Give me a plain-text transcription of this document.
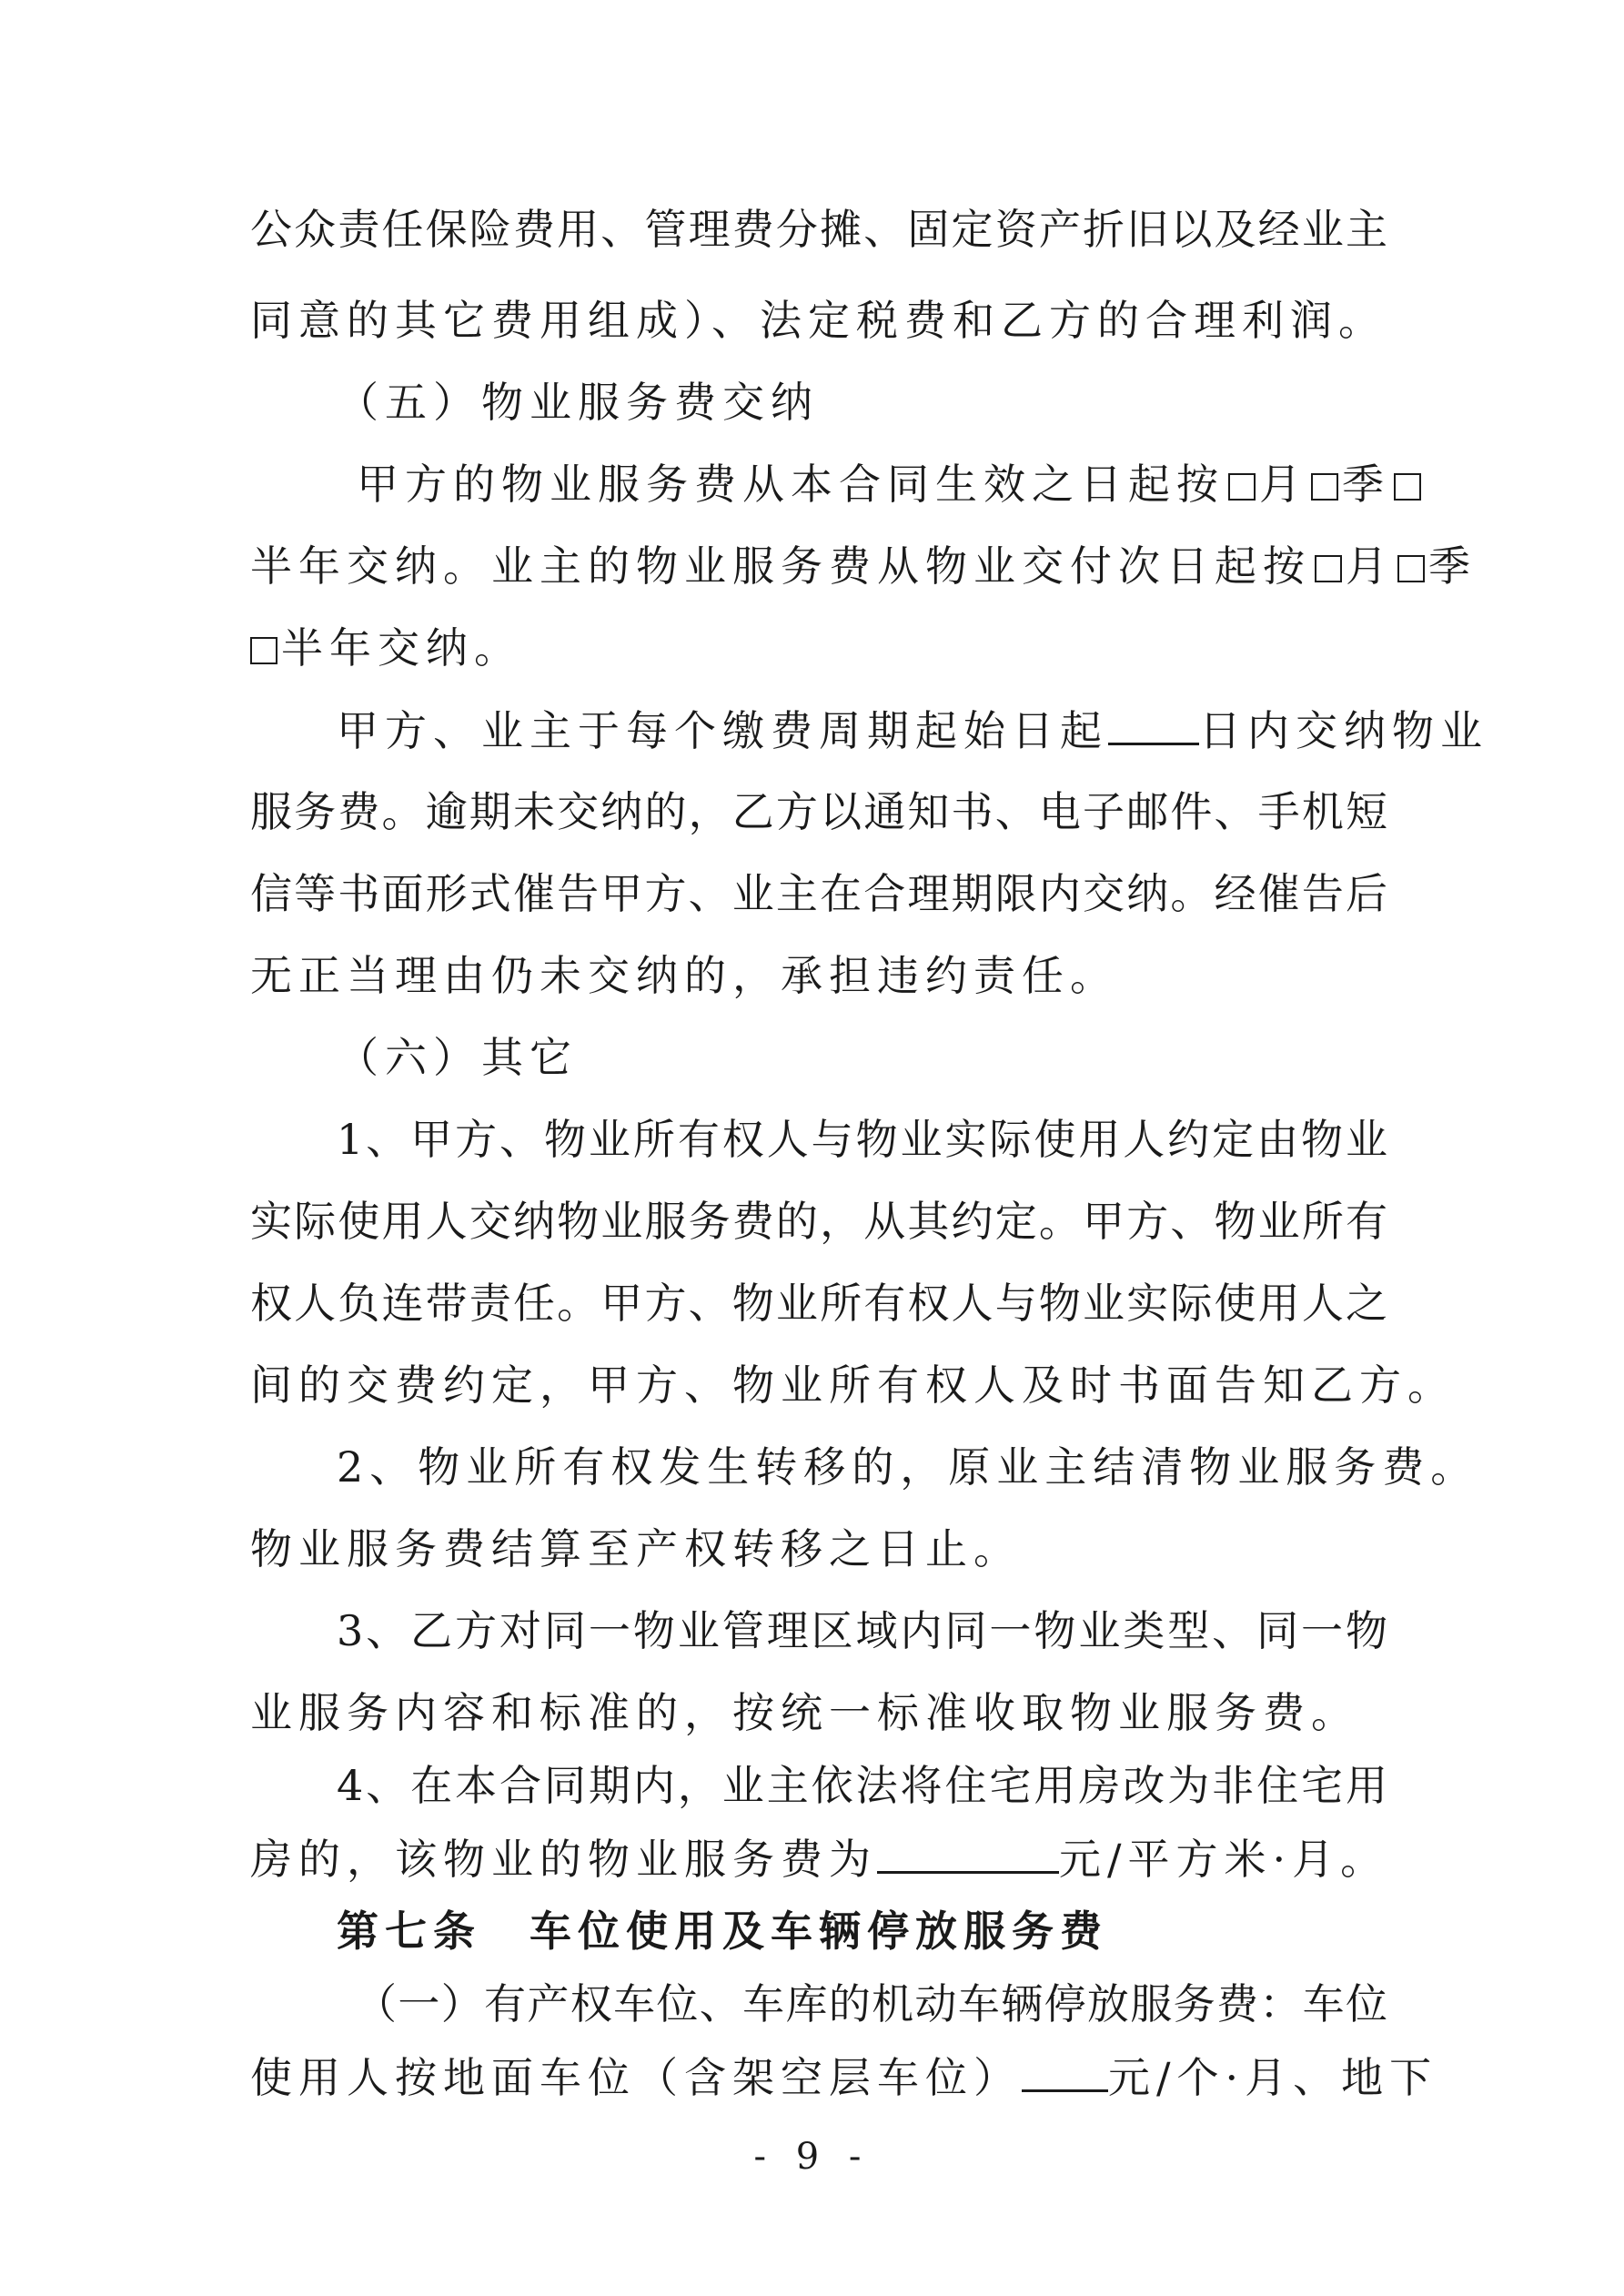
公众责任保险费用、管理费分摊、固定资产折旧以及经业主
同意的其它费用组成）、法定税费和乙方的合理利润。
（五）物业服务费交纳
甲方的物业服务费从本合同生效之日起按 月 季
半年交纳。业主的物业服务费从物业交付次日起按 月 季
半年交纳。
甲方、业主于每个缴费周期起始日起 日内交纳物业
服务费。逾期未交纳的，乙方以通知书、电子邮件、手机短
信等书面形式催告甲方、业主在合理期限内交纳。经催告后
无正当理由仍未交纳的，承担违约责任。
（六）其它
1、甲方、物业所有权人与物业实际使用人约定由物业
实际使用人交纳物业服务费的，从其约定。甲方、物业所有
权人负连带责任。甲方、物业所有权人与物业实际使用人之
间的交费约定，甲方、物业所有权人及时书面告知乙方。
2、物业所有权发生转移的，原业主结清物业服务费。
物业服务费结算至产权转移之日止。
3、乙方对同一物业管理区域内同一物业类型、同一物
业服务内容和标准的，按统一标准收取物业服务费。
4、在本合同期内，业主依法将住宅用房改为非住宅用
房的，该物业的物业服务费为	元/平方米·月。
第七条　车位使用及车辆停放服务费
（一）有产权车位、车库的机动车辆停放服务费：车位
使用人按地面车位（含架空层车位） 元/个·月、地下
- 9 -
